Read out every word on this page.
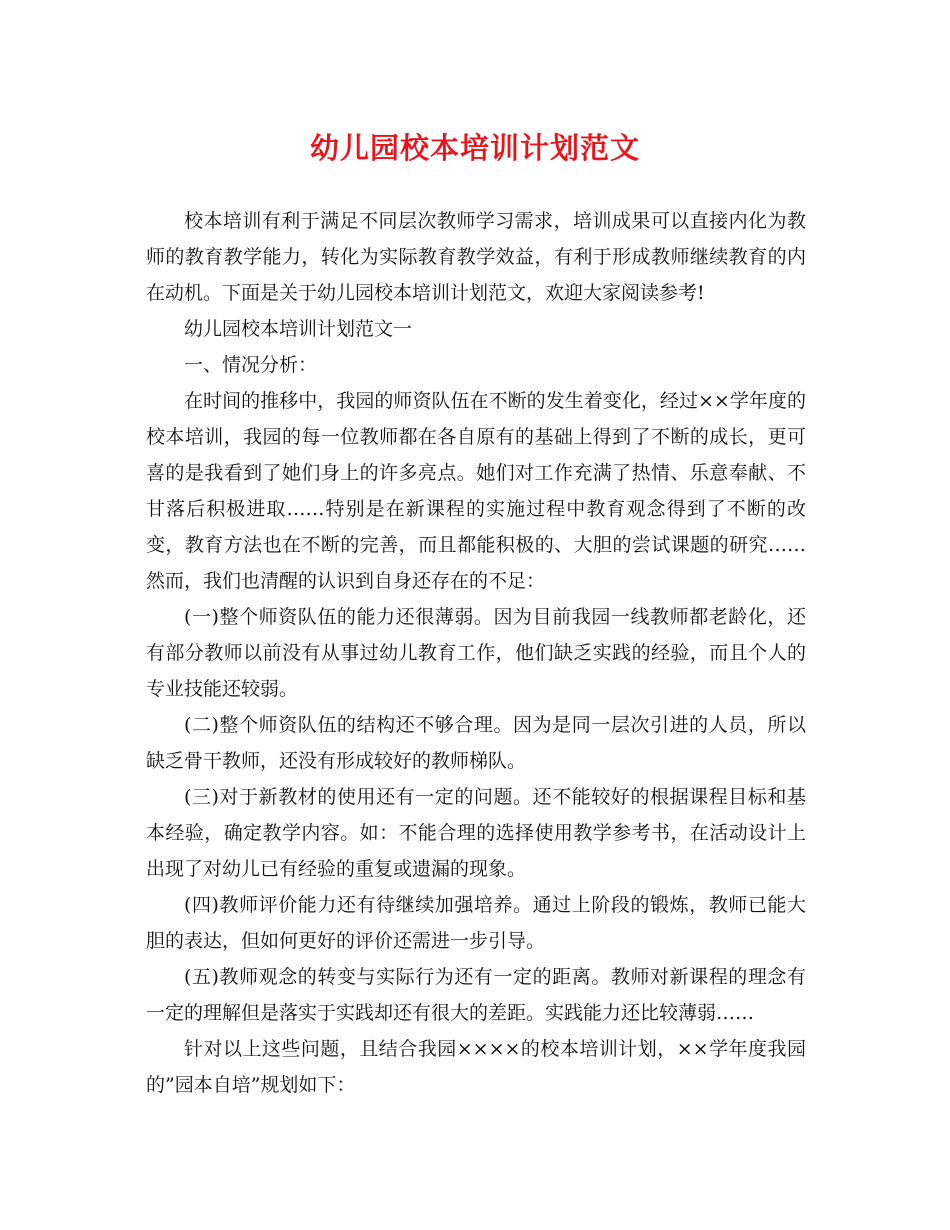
幼儿园校本培训计划范文

校本培训有利于满足不同层次教师学习需求，培训成果可以直接内化为教师的教育教学能力，转化为实际教育教学效益，有利于形成教师继续教育的内在动机。下面是关于幼儿园校本培训计划范文，欢迎大家阅读参考!

幼儿园校本培训计划范文一

一、情况分析：

在时间的推移中，我园的师资队伍在不断的发生着变化，经过××学年度的校本培训，我园的每一位教师都在各自原有的基础上得到了不断的成长，更可喜的是我看到了她们身上的许多亮点。她们对工作充满了热情、乐意奉献、不甘落后积极进取……特别是在新课程的实施过程中教育观念得到了不断的改变，教育方法也在不断的完善，而且都能积极的、大胆的尝试课题的研究……然而，我们也清醒的认识到自身还存在的不足：

(一)整个师资队伍的能力还很薄弱。因为目前我园一线教师都老龄化，还有部分教师以前没有从事过幼儿教育工作，他们缺乏实践的经验，而且个人的专业技能还较弱。

(二)整个师资队伍的结构还不够合理。因为是同一层次引进的人员，所以缺乏骨干教师，还没有形成较好的教师梯队。

(三)对于新教材的使用还有一定的问题。还不能较好的根据课程目标和基本经验，确定教学内容。如：不能合理的选择使用教学参考书，在活动设计上出现了对幼儿已有经验的重复或遗漏的现象。

(四)教师评价能力还有待继续加强培养。通过上阶段的锻炼，教师已能大胆的表达，但如何更好的评价还需进一步引导。

(五)教师观念的转变与实际行为还有一定的距离。教师对新课程的理念有一定的理解但是落实于实践却还有很大的差距。实践能力还比较薄弱……

针对以上这些问题，且结合我园××××的校本培训计划，××学年度我园的”园本自培”规划如下：
